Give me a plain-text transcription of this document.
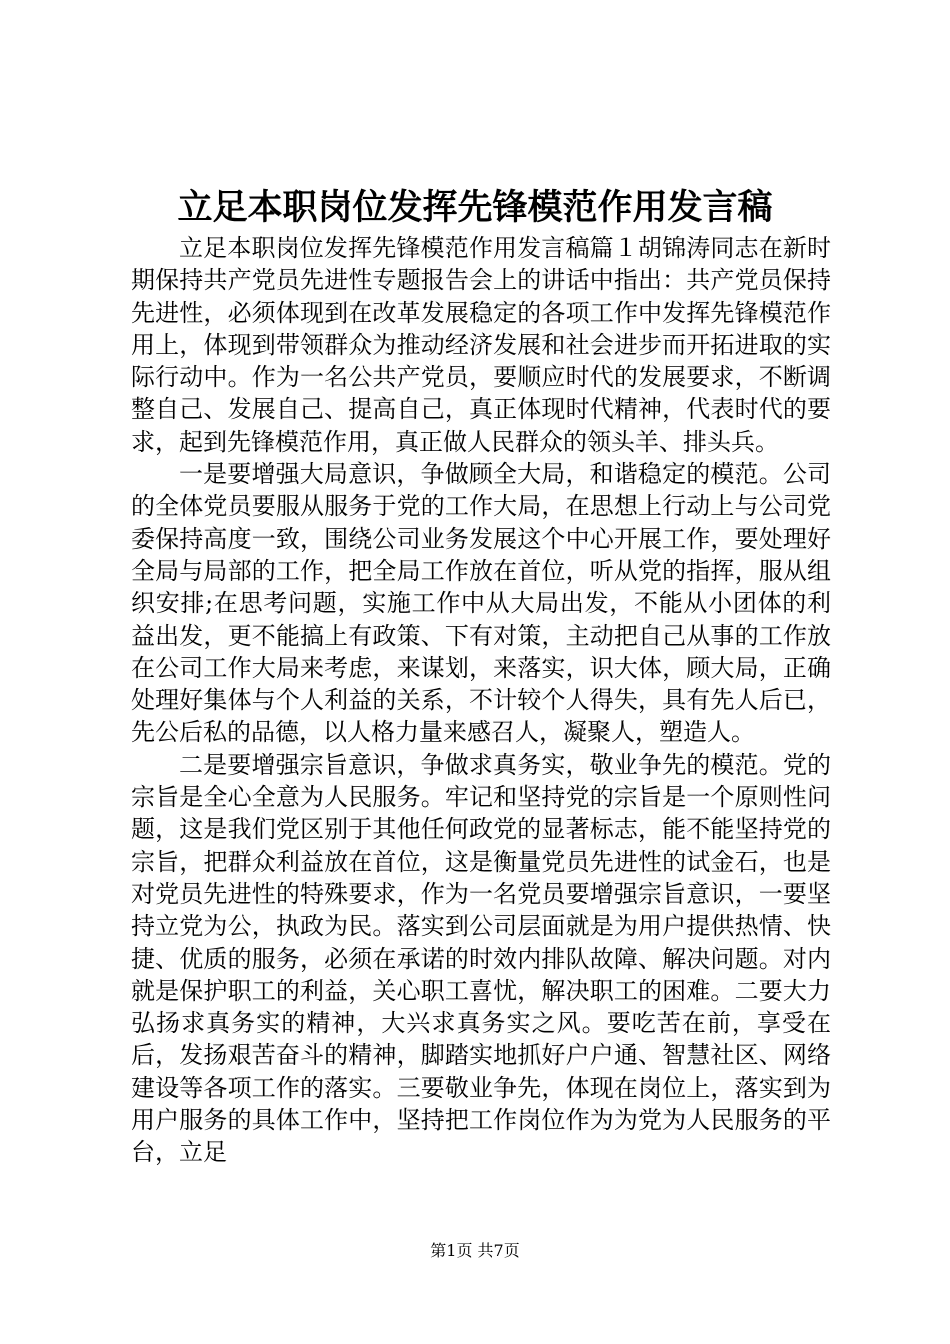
立足本职岗位发挥先锋模范作用发言稿

立足本职岗位发挥先锋模范作用发言稿篇１胡锦涛同志在新时期保持共产党员先进性专题报告会上的讲话中指出：共产党员保持先进性，必须体现到在改革发展稳定的各项工作中发挥先锋模范作用上，体现到带领群众为推动经济发展和社会进步而开拓进取的实际行动中。作为一名公共产党员，要顺应时代的发展要求，不断调整自己、发展自己、提高自己，真正体现时代精神，代表时代的要求，起到先锋模范作用，真正做人民群众的领头羊、排头兵。

一是要增强大局意识，争做顾全大局，和谐稳定的模范。公司的全体党员要服从服务于党的工作大局，在思想上行动上与公司党委保持高度一致，围绕公司业务发展这个中心开展工作，要处理好全局与局部的工作，把全局工作放在首位，听从党的指挥，服从组织安排;在思考问题，实施工作中从大局出发，不能从小团体的利益出发，更不能搞上有政策、下有对策，主动把自己从事的工作放在公司工作大局来考虑，来谋划，来落实，识大体，顾大局，正确处理好集体与个人利益的关系，不计较个人得失，具有先人后已，先公后私的品德，以人格力量来感召人，凝聚人，塑造人。

二是要增强宗旨意识，争做求真务实，敬业争先的模范。党的宗旨是全心全意为人民服务。牢记和坚持党的宗旨是一个原则性问题，这是我们党区别于其他任何政党的显著标志，能不能坚持党的宗旨，把群众利益放在首位，这是衡量党员先进性的试金石，也是对党员先进性的特殊要求，作为一名党员要增强宗旨意识，一要坚持立党为公，执政为民。落实到公司层面就是为用户提供热情、快捷、优质的服务，必须在承诺的时效内排队故障、解决问题。对内就是保护职工的利益，关心职工喜忧，解决职工的困难。二要大力弘扬求真务实的精神，大兴求真务实之风。要吃苦在前，享受在后，发扬艰苦奋斗的精神，脚踏实地抓好户户通、智慧社区、网络建设等各项工作的落实。三要敬业争先，体现在岗位上，落实到为用户服务的具体工作中，坚持把工作岗位作为为党为人民服务的平台，立足

第1页 共7页
